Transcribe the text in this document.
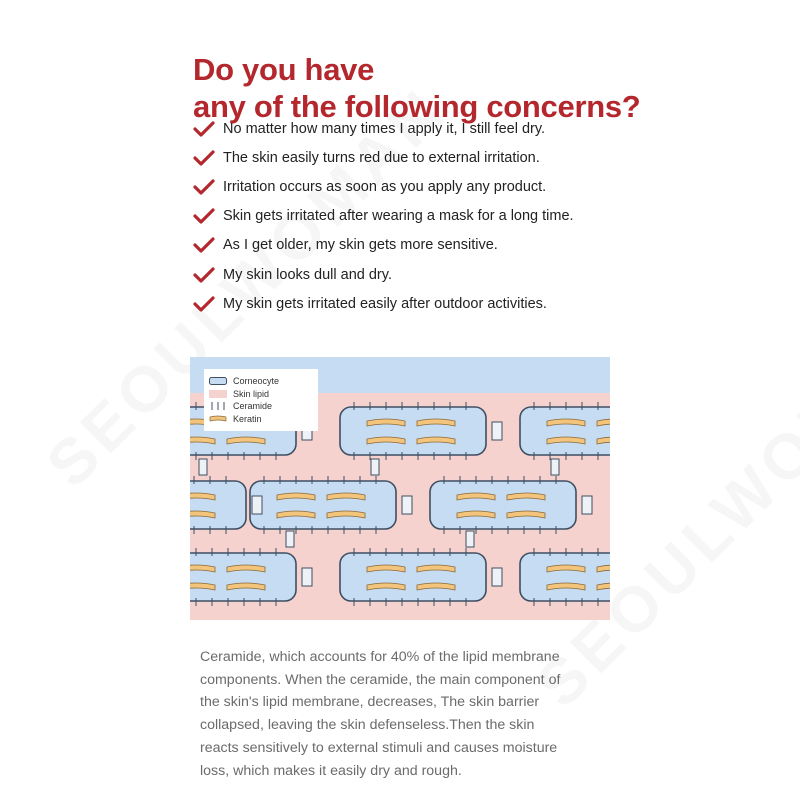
Do you have
any of the following concerns?
No matter how many times I apply it, I still feel dry.
The skin easily turns red due to external irritation.
Irritation occurs as soon as you apply any product.
Skin gets irritated after wearing a mask for a long time.
As I get older, my skin gets more sensitive.
My skin looks dull and dry.
My skin gets irritated easily after outdoor activities.
Corneocyte
Skin lipid
Ceramide
Keratin

Ceramide, which accounts for 40% of the lipid membrane
components. When the ceramide, the main component of
the skin's lipid membrane, decreases, The skin barrier
collapsed, leaving the skin defenseless.Then the skin
reacts sensitively to external stimuli and causes moisture
loss, which makes it easily dry and rough.
